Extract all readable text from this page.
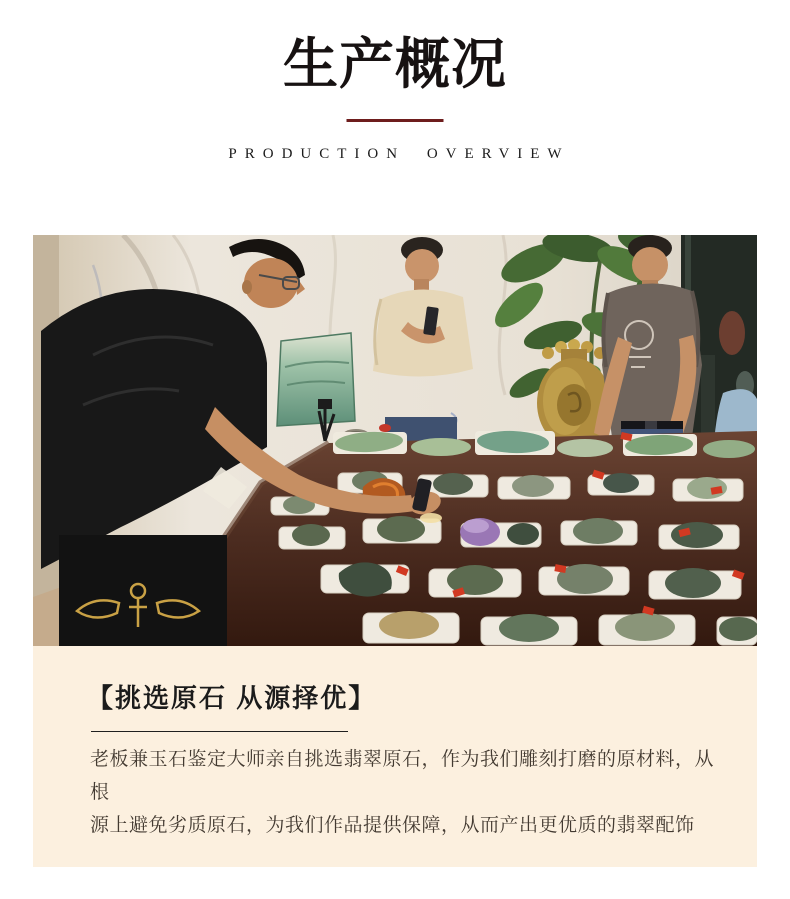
生产概况
PRODUCTION OVERVIEW
【挑选原石 从源择优】

老板兼玉石鉴定大师亲自挑选翡翠原石，作为我们雕刻打磨的原材料，从根

源上避免劣质原石，为我们作品提供保障，从而产出更优质的翡翠配饰
